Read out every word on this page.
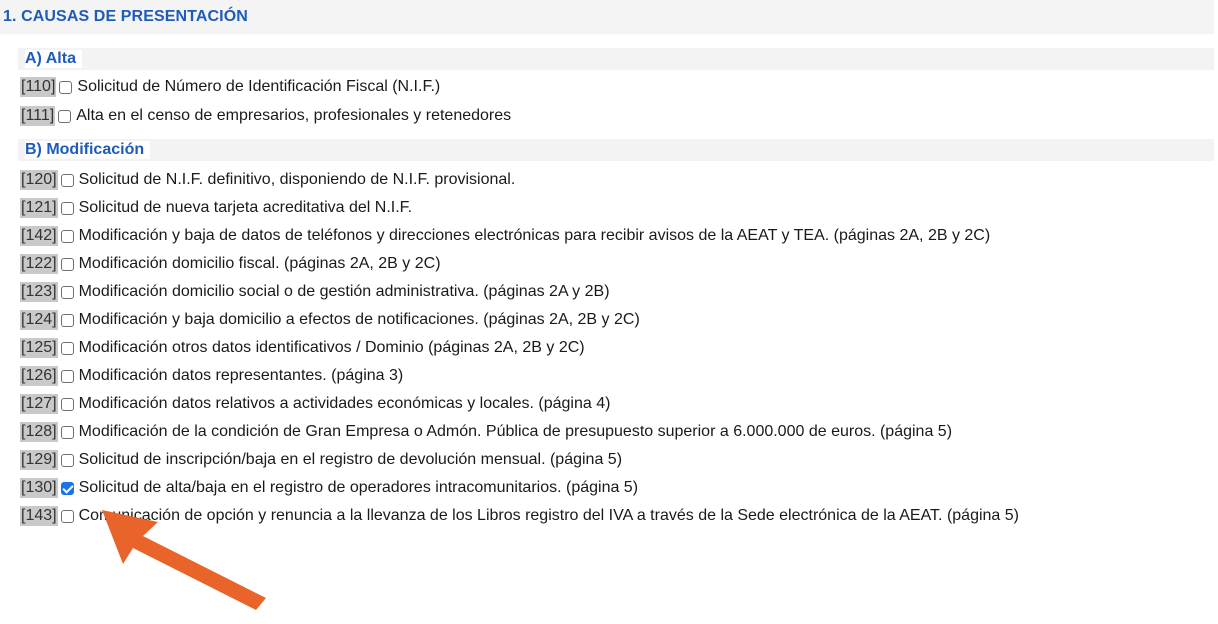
1. CAUSAS DE PRESENTACIÓN
A) Alta
[110] Solicitud de Número de Identificación Fiscal (N.I.F.)
[111] Alta en el censo de empresarios, profesionales y retenedores
B) Modificación
[120] Solicitud de N.I.F. definitivo, disponiendo de N.I.F. provisional.
[121] Solicitud de nueva tarjeta acreditativa del N.I.F.
[142] Modificación y baja de datos de teléfonos y direcciones electrónicas para recibir avisos de la AEAT y TEA. (páginas 2A, 2B y 2C)
[122] Modificación domicilio fiscal. (páginas 2A, 2B y 2C)
[123] Modificación domicilio social o de gestión administrativa. (páginas 2A y 2B)
[124] Modificación y baja domicilio a efectos de notificaciones. (páginas 2A, 2B y 2C)
[125] Modificación otros datos identificativos / Dominio (páginas 2A, 2B y 2C)
[126] Modificación datos representantes. (página 3)
[127] Modificación datos relativos a actividades económicas y locales. (página 4)
[128] Modificación de la condición de Gran Empresa o Admón. Pública de presupuesto superior a 6.000.000 de euros. (página 5)
[129] Solicitud de inscripción/baja en el registro de devolución mensual. (página 5)
[130] Solicitud de alta/baja en el registro de operadores intracomunitarios. (página 5)
[143] Comunicación de opción y renuncia a la llevanza de los Libros registro del IVA a través de la Sede electrónica de la AEAT. (página 5)
